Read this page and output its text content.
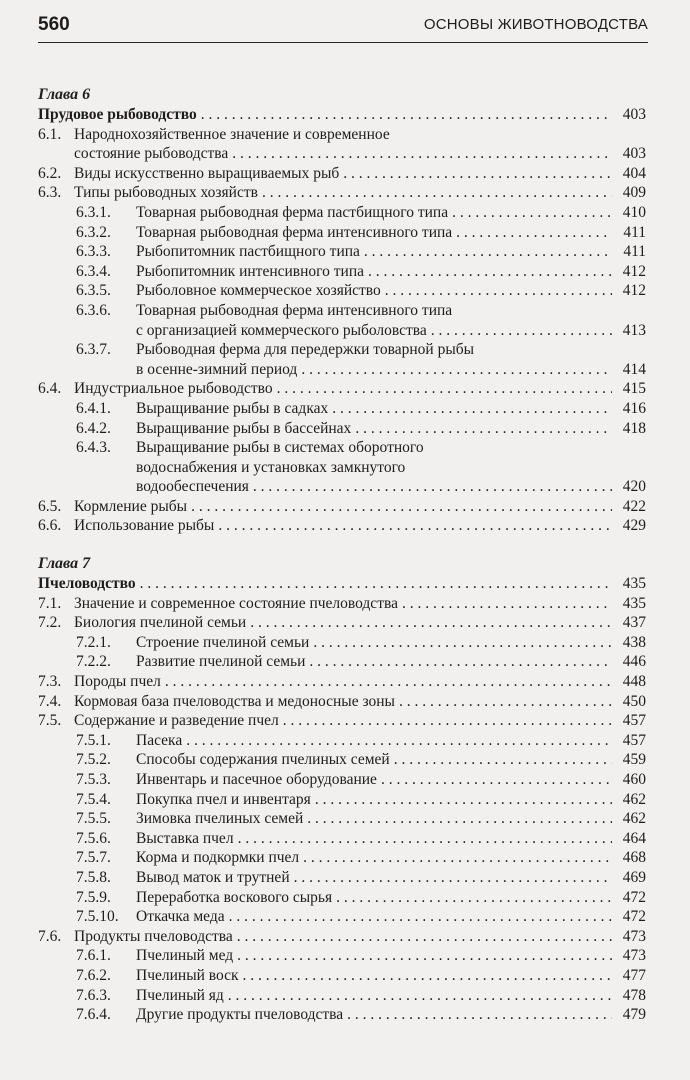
560	ОСНОВЫ ЖИВОТНОВОДСТВА
Глава 6
Прудовое рыбоводство . . .	403
6.1. Народнохозяйственное значение и современное
состояние рыбоводства . . .	403
6.2. Виды искусственно выращиваемых рыб . . .	404
6.3. Типы рыбоводных хозяйств . . .	409
6.3.1.	Товарная рыбоводная ферма пастбищного типа . . .	410
6.3.2.	Товарная рыбоводная ферма интенсивного типа . . .	411
6.3.3.	Рыбопитомник пастбищного типа . . .	411
6.3.4.	Рыбопитомник интенсивного типа . . .	412
6.3.5.	Рыболовное коммерческое хозяйство . . .	412
6.3.6.	Товарная рыбоводная ферма интенсивного типа
с организацией коммерческого рыболовства . . .	413
6.3.7.	Рыбоводная ферма для передержки товарной рыбы
в осенне-зимний период . . .	414
6.4. Индустриальное рыбоводство . . .	415
6.4.1.	Выращивание рыбы в садках . . .	416
6.4.2.	Выращивание рыбы в бассейнах . . .	418
6.4.3.	Выращивание рыбы в системах оборотного
водоснабжения и установках замкнутого
водообеспечения . . .	420
6.5. Кормление рыбы . . .	422
6.6. Использование рыбы . . .	429
Глава 7
Пчеловодство . . .	435
7.1. Значение и современное состояние пчеловодства . . .	435
7.2. Биология пчелиной семьи . . .	437
7.2.1.	Строение пчелиной семьи . . .	438
7.2.2.	Развитие пчелиной семьи . . .	446
7.3. Породы пчел . . .	448
7.4. Кормовая база пчеловодства и медоносные зоны . . .	450
7.5. Содержание и разведение пчел . . .	457
7.5.1.	Пасека . . .	457
7.5.2.	Способы содержания пчелиных семей . . .	459
7.5.3.	Инвентарь и пасечное оборудование . . .	460
7.5.4.	Покупка пчел и инвентаря . . .	462
7.5.5.	Зимовка пчелиных семей . . .	462
7.5.6.	Выставка пчел . . .	464
7.5.7.	Корма и подкормки пчел . . .	468
7.5.8.	Вывод маток и трутней . . .	469
7.5.9.	Переработка воскового сырья . . .	472
7.5.10.	Откачка меда . . .	472
7.6. Продукты пчеловодства . . .	473
7.6.1.	Пчелиный мед . . .	473
7.6.2.	Пчелиный воск . . .	477
7.6.3.	Пчелиный яд . . .	478
7.6.4.	Другие продукты пчеловодства . . .	479
